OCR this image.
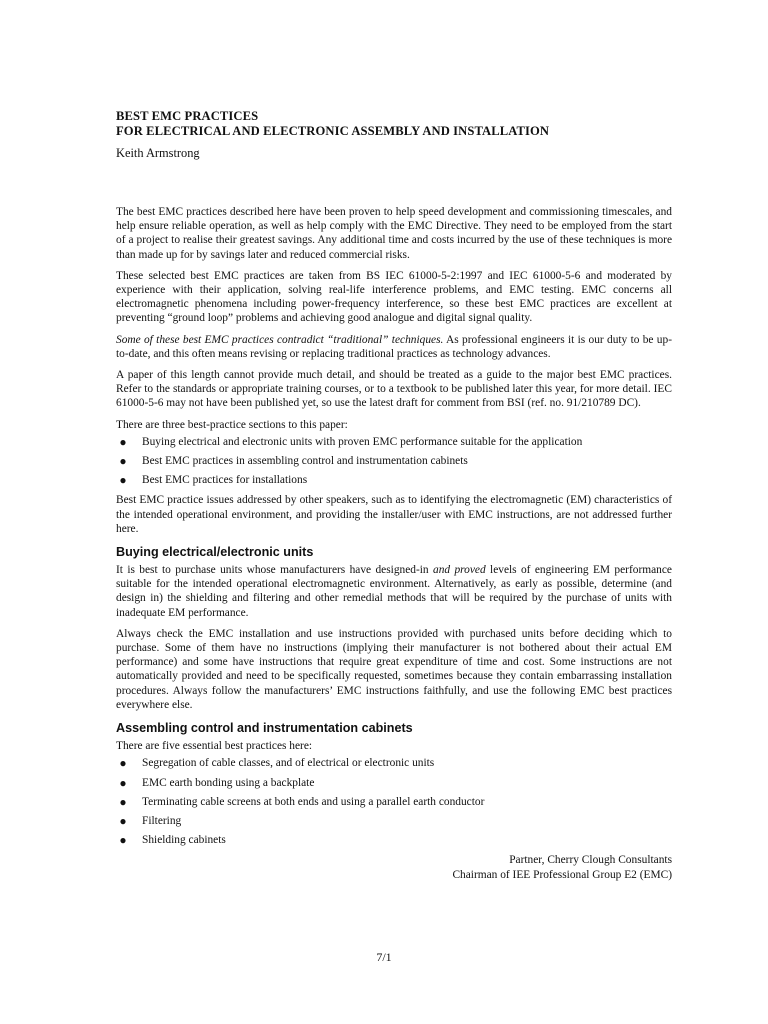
BEST EMC PRACTICES
FOR ELECTRICAL AND ELECTRONIC ASSEMBLY AND INSTALLATION
Keith Armstrong

The best EMC practices described here have been proven to help speed development and commissioning timescales, and help ensure reliable operation, as well as help comply with the EMC Directive. They need to be employed from the start of a project to realise their greatest savings. Any additional time and costs incurred by the use of these techniques is more than made up for by savings later and reduced commercial risks.

These selected best EMC practices are taken from BS IEC 61000-5-2:1997 and IEC 61000-5-6 and moderated by experience with their application, solving real-life interference problems, and EMC testing. EMC concerns all electromagnetic phenomena including power-frequency interference, so these best EMC practices are excellent at preventing “ground loop” problems and achieving good analogue and digital signal quality.

Some of these best EMC practices contradict “traditional” techniques. As professional engineers it is our duty to be up-to-date, and this often means revising or replacing traditional practices as technology advances.

A paper of this length cannot provide much detail, and should be treated as a guide to the major best EMC practices. Refer to the standards or appropriate training courses, or to a textbook to be published later this year, for more detail. IEC 61000-5-6 may not have been published yet, so use the latest draft for comment from BSI (ref. no. 91/210789 DC).

There are three best-practice sections to this paper:

● Buying electrical and electronic units with proven EMC performance suitable for the application
● Best EMC practices in assembling control and instrumentation cabinets
● Best EMC practices for installations

Best EMC practice issues addressed by other speakers, such as to identifying the electromagnetic (EM) characteristics of the intended operational environment, and providing the installer/user with EMC instructions, are not addressed further here.

Buying electrical/electronic units

It is best to purchase units whose manufacturers have designed-in and proved levels of engineering EM performance suitable for the intended operational electromagnetic environment. Alternatively, as early as possible, determine (and design in) the shielding and filtering and other remedial methods that will be required by the purchase of units with inadequate EM performance.

Always check the EMC installation and use instructions provided with purchased units before deciding which to purchase. Some of them have no instructions (implying their manufacturer is not bothered about their actual EM performance) and some have instructions that require great expenditure of time and cost. Some instructions are not automatically provided and need to be specifically requested, sometimes because they contain embarrassing installation procedures. Always follow the manufacturers’ EMC instructions faithfully, and use the following EMC best practices everywhere else.

Assembling control and instrumentation cabinets

There are five essential best practices here:

● Segregation of cable classes, and of electrical or electronic units
● EMC earth bonding using a backplate
● Terminating cable screens at both ends and using a parallel earth conductor
● Filtering
● Shielding cabinets
Partner, Cherry Clough Consultants
Chairman of IEE Professional Group E2 (EMC)
7/1
